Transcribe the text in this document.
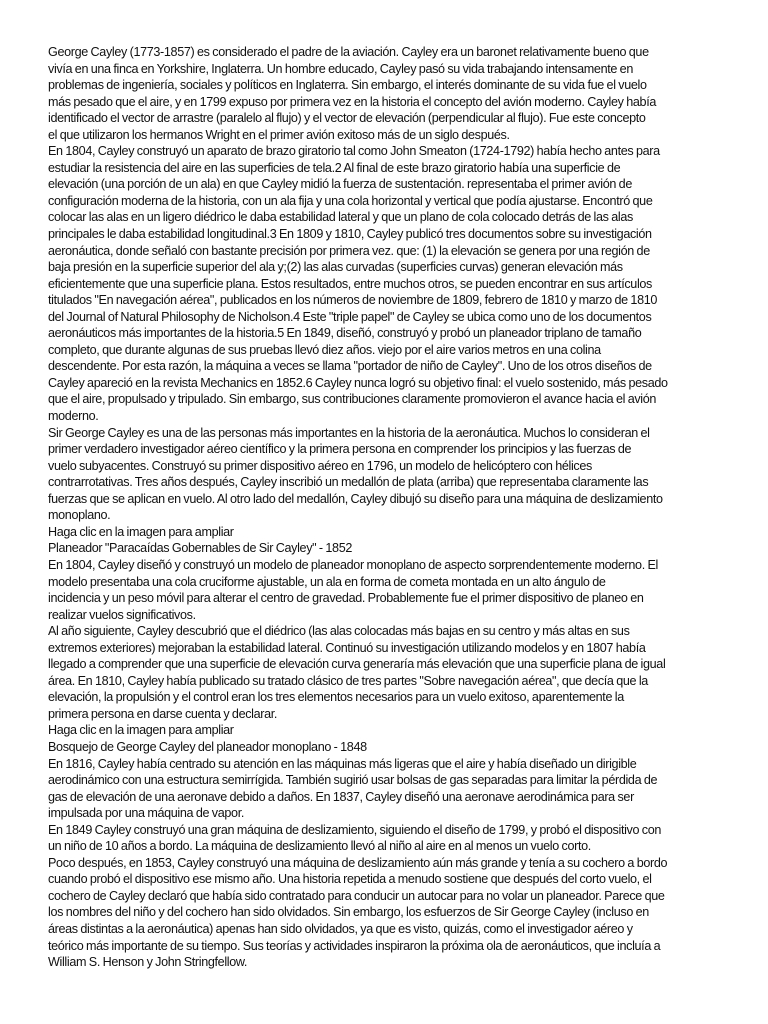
George Cayley (1773-1857) es considerado el padre de la aviación. Cayley era un baronet relativamente bueno que
vivía en una finca en Yorkshire, Inglaterra. Un hombre educado, Cayley pasó su vida trabajando intensamente en
problemas de ingeniería, sociales y políticos en Inglaterra. Sin embargo, el interés dominante de su vida fue el vuelo
más pesado que el aire, y en 1799 expuso por primera vez en la historia el concepto del avión moderno. Cayley había
identificado el vector de arrastre (paralelo al flujo) y el vector de elevación (perpendicular al flujo). Fue este concepto
el que utilizaron los hermanos Wright en el primer avión exitoso más de un siglo después.
En 1804, Cayley construyó un aparato de brazo giratorio tal como John Smeaton (1724-1792) había hecho antes para
estudiar la resistencia del aire en las superficies de tela.2 Al final de este brazo giratorio había una superficie de
elevación (una porción de un ala) en que Cayley midió la fuerza de sustentación. representaba el primer avión de
configuración moderna de la historia, con un ala fija y una cola horizontal y vertical que podía ajustarse. Encontró que
colocar las alas en un ligero diédrico le daba estabilidad lateral y que un plano de cola colocado detrás de las alas
principales le daba estabilidad longitudinal.3 En 1809 y 1810, Cayley publicó tres documentos sobre su investigación
aeronáutica, donde señaló con bastante precisión por primera vez. que: (1) la elevación se genera por una región de
baja presión en la superficie superior del ala y;(2) las alas curvadas (superficies curvas) generan elevación más
eficientemente que una superficie plana. Estos resultados, entre muchos otros, se pueden encontrar en sus artículos
titulados "En navegación aérea", publicados en los números de noviembre de 1809, febrero de 1810 y marzo de 1810
del Journal of Natural Philosophy de Nicholson.4 Este "triple papel" de Cayley se ubica como uno de los documentos
aeronáuticos más importantes de la historia.5 En 1849, diseñó, construyó y probó un planeador triplano de tamaño
completo, que durante algunas de sus pruebas llevó diez años. viejo por el aire varios metros en una colina
descendente. Por esta razón, la máquina a veces se llama "portador de niño de Cayley". Uno de los otros diseños de
Cayley apareció en la revista Mechanics en 1852.6 Cayley nunca logró su objetivo final: el vuelo sostenido, más pesado
que el aire, propulsado y tripulado. Sin embargo, sus contribuciones claramente promovieron el avance hacia el avión
moderno.
Sir George Cayley es una de las personas más importantes en la historia de la aeronáutica. Muchos lo consideran el
primer verdadero investigador aéreo científico y la primera persona en comprender los principios y las fuerzas de
vuelo subyacentes. Construyó su primer dispositivo aéreo en 1796, un modelo de helicóptero con hélices
contrarrotativas. Tres años después, Cayley inscribió un medallón de plata (arriba) que representaba claramente las
fuerzas que se aplican en vuelo. Al otro lado del medallón, Cayley dibujó su diseño para una máquina de deslizamiento
monoplano.
Haga clic en la imagen para ampliar
Planeador "Paracaídas Gobernables de Sir Cayley" - 1852
En 1804, Cayley diseñó y construyó un modelo de planeador monoplano de aspecto sorprendentemente moderno. El
modelo presentaba una cola cruciforme ajustable, un ala en forma de cometa montada en un alto ángulo de
incidencia y un peso móvil para alterar el centro de gravedad. Probablemente fue el primer dispositivo de planeo en
realizar vuelos significativos.
Al año siguiente, Cayley descubrió que el diédrico (las alas colocadas más bajas en su centro y más altas en sus
extremos exteriores) mejoraban la estabilidad lateral. Continuó su investigación utilizando modelos y en 1807 había
llegado a comprender que una superficie de elevación curva generaría más elevación que una superficie plana de igual
área. En 1810, Cayley había publicado su tratado clásico de tres partes "Sobre navegación aérea", que decía que la
elevación, la propulsión y el control eran los tres elementos necesarios para un vuelo exitoso, aparentemente la
primera persona en darse cuenta y declarar.
Haga clic en la imagen para ampliar
Bosquejo de George Cayley del planeador monoplano - 1848
En 1816, Cayley había centrado su atención en las máquinas más ligeras que el aire y había diseñado un dirigible
aerodinámico con una estructura semirrígida. También sugirió usar bolsas de gas separadas para limitar la pérdida de
gas de elevación de una aeronave debido a daños. En 1837, Cayley diseñó una aeronave aerodinámica para ser
impulsada por una máquina de vapor.
En 1849 Cayley construyó una gran máquina de deslizamiento, siguiendo el diseño de 1799, y probó el dispositivo con
un niño de 10 años a bordo. La máquina de deslizamiento llevó al niño al aire en al menos un vuelo corto.
Poco después, en 1853, Cayley construyó una máquina de deslizamiento aún más grande y tenía a su cochero a bordo
cuando probó el dispositivo ese mismo año. Una historia repetida a menudo sostiene que después del corto vuelo, el
cochero de Cayley declaró que había sido contratado para conducir un autocar para no volar un planeador. Parece que
los nombres del niño y del cochero han sido olvidados. Sin embargo, los esfuerzos de Sir George Cayley (incluso en
áreas distintas a la aeronáutica) apenas han sido olvidados, ya que es visto, quizás, como el investigador aéreo y
teórico más importante de su tiempo. Sus teorías y actividades inspiraron la próxima ola de aeronáuticos, que incluía a
William S. Henson y John Stringfellow.
